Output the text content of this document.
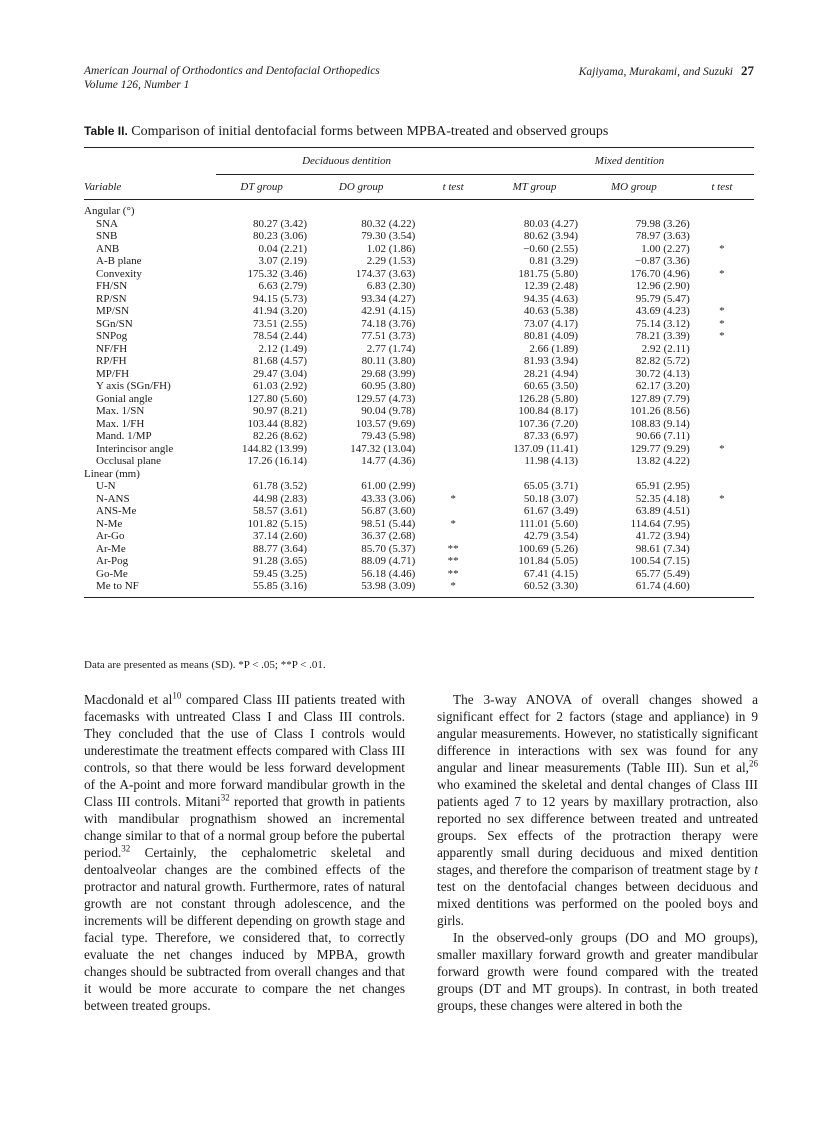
American Journal of Orthodontics and Dentofacial Orthopedics
Volume 126, Number 1
Kajiyama, Murakami, and Suzuki 27
Table II. Comparison of initial dentofacial forms between MPBA-treated and observed groups
	Deciduous dentition			Mixed dentition		
Variable	DT group	DO group	t test	MT group	MO group	t test
Angular (°)						
SNA	80.27 (3.42)	80.32 (4.22)		80.03 (4.27)	79.98 (3.26)	
SNB	80.23 (3.06)	79.30 (3.54)		80.62 (3.94)	78.97 (3.63)	
ANB	0.04 (2.21)	1.02 (1.86)		−0.60 (2.55)	1.00 (2.27)	*
A-B plane	3.07 (2.19)	2.29 (1.53)		0.81 (3.29)	−0.87 (3.36)	
Convexity	175.32 (3.46)	174.37 (3.63)		181.75 (5.80)	176.70 (4.96)	*
FH/SN	6.63 (2.79)	6.83 (2.30)		12.39 (2.48)	12.96 (2.90)	
RP/SN	94.15 (5.73)	93.34 (4.27)		94.35 (4.63)	95.79 (5.47)	
MP/SN	41.94 (3.20)	42.91 (4.15)		40.63 (5.38)	43.69 (4.23)	*
SGn/SN	73.51 (2.55)	74.18 (3.76)		73.07 (4.17)	75.14 (3.12)	*
SNPog	78.54 (2.44)	77.51 (3.73)		80.81 (4.09)	78.21 (3.39)	*
NF/FH	2.12 (1.49)	2.77 (1.74)		2.66 (1.89)	2.92 (2.11)	
RP/FH	81.68 (4.57)	80.11 (3.80)		81.93 (3.94)	82.82 (5.72)	
MP/FH	29.47 (3.04)	29.68 (3.99)		28.21 (4.94)	30.72 (4.13)	
Y axis (SGn/FH)	61.03 (2.92)	60.95 (3.80)		60.65 (3.50)	62.17 (3.20)	
Gonial angle	127.80 (5.60)	129.57 (4.73)		126.28 (5.80)	127.89 (7.79)	
Max. 1/SN	90.97 (8.21)	90.04 (9.78)		100.84 (8.17)	101.26 (8.56)	
Max. 1/FH	103.44 (8.82)	103.57 (9.69)		107.36 (7.20)	108.83 (9.14)	
Mand. 1/MP	82.26 (8.62)	79.43 (5.98)		87.33 (6.97)	90.66 (7.11)	
Interincisor angle	144.82 (13.99)	147.32 (13.04)		137.09 (11.41)	129.77 (9.29)	*
Occlusal plane	17.26 (16.14)	14.77 (4.36)		11.98 (4.13)	13.82 (4.22)	
Linear (mm)						
U-N	61.78 (3.52)	61.00 (2.99)		65.05 (3.71)	65.91 (2.95)	
N-ANS	44.98 (2.83)	43.33 (3.06)	*	50.18 (3.07)	52.35 (4.18)	*
ANS-Me	58.57 (3.61)	56.87 (3.60)		61.67 (3.49)	63.89 (4.51)	
N-Me	101.82 (5.15)	98.51 (5.44)	*	111.01 (5.60)	114.64 (7.95)	
Ar-Go	37.14 (2.60)	36.37 (2.68)		42.79 (3.54)	41.72 (3.94)	
Ar-Me	88.77 (3.64)	85.70 (5.37)	**	100.69 (5.26)	98.61 (7.34)	
Ar-Pog	91.28 (3.65)	88.09 (4.71)	**	101.84 (5.05)	100.54 (7.15)	
Go-Me	59.45 (3.25)	56.18 (4.46)	**	67.41 (4.15)	65.77 (5.49)	
Me to NF	55.85 (3.16)	53.98 (3.09)	*	60.52 (3.30)	61.74 (4.60)	
Data are presented as means (SD). *P < .05; **P < .01.

Macdonald et $al^{10}$ compared Class III patients treated with facemasks with untreated Class I and Class III controls. They concluded that the use of Class I controls would underestimate the treatment effects compared with Class III controls, so that there would be less forward development of the A-point and more forward mandibular growth in the Class III controls. Mitani$^{32}$ reported that growth in patients with mandibular prognathism showed an incremental change similar to that of a normal group before the pubertal period.$^{32}$ Certainly, the cephalometric skeletal and dentoalveolar changes are the combined effects of the protractor and natural growth. Furthermore, rates of natural growth are not constant through adolescence, and the increments will be different depending on growth stage and facial type. Therefore, we considered that, to correctly evaluate the net changes induced by MPBA, growth changes should be subtracted from overall changes and that it would be more accurate to compare the net changes between treated groups.

The 3-way ANOVA of overall changes showed a significant effect for 2 factors (stage and appliance) in 9 angular measurements. However, no statistically significant difference in interactions with sex was found for any angular and linear measurements (Table III). Sun et al,$^{26}$ who examined the skeletal and dental changes of Class III patients aged 7 to 12 years by maxillary protraction, also reported no sex difference between treated and untreated groups. Sex effects of the protraction therapy were apparently small during deciduous and mixed dentition stages, and therefore the comparison of treatment stage by t test on the dentofacial changes between deciduous and mixed dentitions was performed on the pooled boys and girls.

In the observed-only groups (DO and MO groups), smaller maxillary forward growth and greater mandibular forward growth were found compared with the treated groups (DT and MT groups). In contrast, in both treated groups, these changes were altered in both the
